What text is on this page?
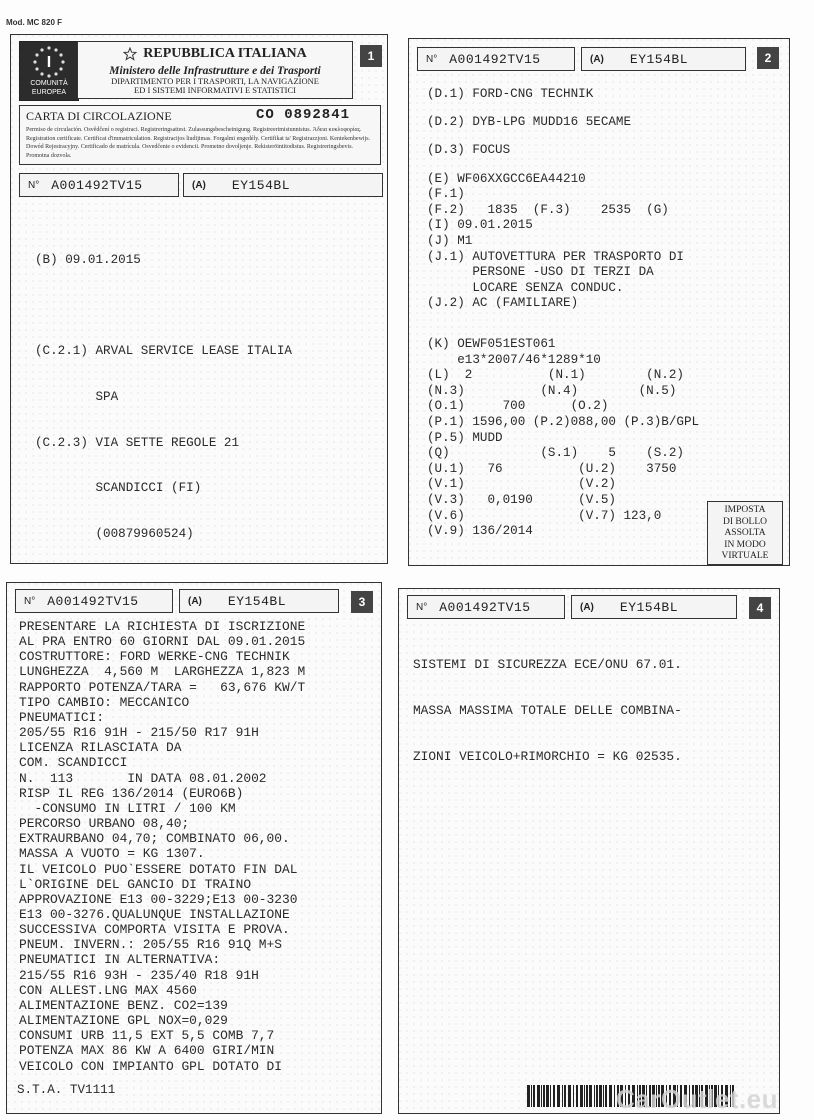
Mod. MC 820 F
1
I
COMUNITÀ
EUROPEA
REPUBBLICA ITALIANA
Ministero delle Infrastrutture e dei Trasporti
DIPARTIMENTO PER I TRASPORTI, LA NAVIGAZIONE
ED I SISTEMI INFORMATIVI E STATISTICI
CARTA DI CIRCOLAZIONE	CO 0892841
Permiso de circulación. Osvědčení o registraci. Registreringsattest. Zulassungsbescheinigung. Registreerimistunnistus. Άδεια κυκλοφορίας. Registration certificate. Certificat d'immatriculation. Registracijos liudijimas. Forgalmi engedély. Certifikat ta' Registrazzjoni. Kentekenbewijs. Dowód Rejestracyjny. Certificado de matrícula. Osvedčenie o evidencii. Prometno dovoljenje. Rekisteröintitodistus. Registreringsbevis. Promotna dozvola.
N° A001492TV15	(A) EY154BL

(B) 09.01.2015

(C.2.1) ARVAL SERVICE LEASE ITALIA

SPA

(C.2.3) VIA SETTE REGOLE 21

SCANDICCI (FI)

(00879960524)

2
N° A001492TV15	(A) EY154BL
(D.1) FORD-CNG TECHNIK
(D.2) DYB-LPG MUDD16 5ECAME
(D.3) FOCUS
(E) WF06XXGCC6EA44210
(F.1)
(F.2)   1835  (F.3)    2535  (G)
(I) 09.01.2015
(J) M1
(J.1) AUTOVETTURA PER TRASPORTO DI
PERSONE -USO DI TERZI DA
LOCARE SENZA CONDUC.
(J.2) AC (FAMILIARE)
(K) OEWF051EST061
e13*2007/46*1289*10
(L)  2          (N.1)        (N.2)
(N.3)          (N.4)        (N.5)
(O.1)     700      (O.2)
(P.1) 1596,00 (P.2)088,00 (P.3)B/GPL
(P.5) MUDD
(Q)            (S.1)    5    (S.2)
(U.1)   76          (U.2)    3750
(V.1)               (V.2)
(V.3)   0,0190      (V.5)
(V.6)               (V.7) 123,0
(V.9) 136/2014
IMPOSTA
DI BOLLO
ASSOLTA
IN MODO
VIRTUALE
3
N° A001492TV15	(A) EY154BL
PRESENTARE LA RICHIESTA DI ISCRIZIONE
AL PRA ENTRO 60 GIORNI DAL 09.01.2015
COSTRUTTORE: FORD WERKE-CNG TECHNIK
LUNGHEZZA  4,560 M  LARGHEZZA 1,823 M
RAPPORTO POTENZA/TARA =   63,676 KW/T
TIPO CAMBIO: MECCANICO
PNEUMATICI:
205/55 R16 91H - 215/50 R17 91H
LICENZA RILASCIATA DA
COM. SCANDICCI
N.  113       IN DATA 08.01.2002
RISP IL REG 136/2014 (EURO6B)
-CONSUMO IN LITRI / 100 KM
PERCORSO URBANO 08,40;
EXTRAURBANO 04,70; COMBINATO 06,00.
MASSA A VUOTO = KG 1307.
IL VEICOLO PUO`ESSERE DOTATO FIN DAL
L`ORIGINE DEL GANCIO DI TRAINO
APPROVAZIONE E13 00-3229;E13 00-3230
E13 00-3276.QUALUNQUE INSTALLAZIONE
SUCCESSIVA COMPORTA VISITA E PROVA.
PNEUM. INVERN.: 205/55 R16 91Q M+S
PNEUMATICI IN ALTERNATIVA:
215/55 R16 93H - 235/40 R18 91H
CON ALLEST.LNG MAX 4560
ALIMENTAZIONE BENZ. CO2=139
ALIMENTAZIONE GPL NOX=0,029
CONSUMI URB 11,5 EXT 5,5 COMB 7,7
POTENZA MAX 86 KW A 6400 GIRI/MIN
VEICOLO CON IMPIANTO GPL DOTATO DI
S.T.A. TV1111
4
N° A001492TV15	(A) EY154BL

SISTEMI DI SICUREZZA ECE/ONU 67.01.

MASSA MASSIMA TOTALE DELLE COMBINA-

ZIONI VEICOLO+RIMORCHIO = KG 02535.

CarOutlet.eu
